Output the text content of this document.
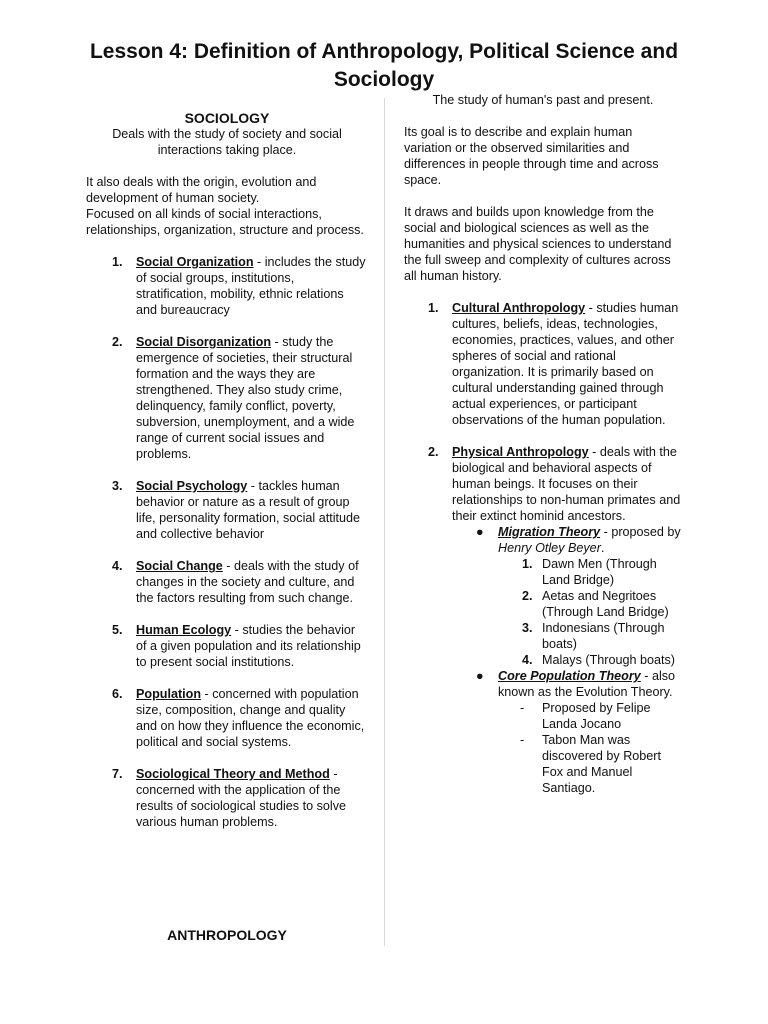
Lesson 4: Definition of Anthropology, Political Science and Sociology

SOCIOLOGY

Deals with the study of society and social interactions taking place.

It also deals with the origin, evolution and development of human society.

Focused on all kinds of social interactions, relationships, organization, structure and process.

1. Social Organization - includes the study of social groups, institutions, stratification, mobility, ethnic relations and bureaucracy
2. Social Disorganization - study the emergence of societies, their structural formation and the ways they are strengthened. They also study crime, delinquency, family conflict, poverty, subversion, unemployment, and a wide range of current social issues and problems.
3. Social Psychology - tackles human behavior or nature as a result of group life, personality formation, social attitude and collective behavior
4. Social Change - deals with the study of changes in the society and culture, and the factors resulting from such change.
5. Human Ecology - studies the behavior of a given population and its relationship to present social institutions.
6. Population - concerned with population size, composition, change and quality and on how they influence the economic, political and social systems.
7. Sociological Theory and Method - concerned with the application of the results of sociological studies to solve various human problems.
ANTHROPOLOGY

The study of human's past and present.

Its goal is to describe and explain human variation or the observed similarities and differences in people through time and across space.

It draws and builds upon knowledge from the social and biological sciences as well as the humanities and physical sciences to understand the full sweep and complexity of cultures across all human history.

1. Cultural Anthropology - studies human cultures, beliefs, ideas, technologies, economies, practices, values, and other spheres of social and rational organization. It is primarily based on cultural understanding gained through actual experiences, or participant observations of the human population.
2. Physical Anthropology - deals with the biological and behavioral aspects of human beings. It focuses on their relationships to non-human primates and their extinct hominid ancestors.
● Migration Theory - proposed by Henry Otley Beyer.
1. Dawn Men (Through Land Bridge)
2. Aetas and Negritoes (Through Land Bridge)
3. Indonesians (Through boats)
4. Malays (Through boats)
● Core Population Theory - also known as the Evolution Theory.
- Proposed by Felipe Landa Jocano
- Tabon Man was discovered by Robert Fox and Manuel Santiago.
